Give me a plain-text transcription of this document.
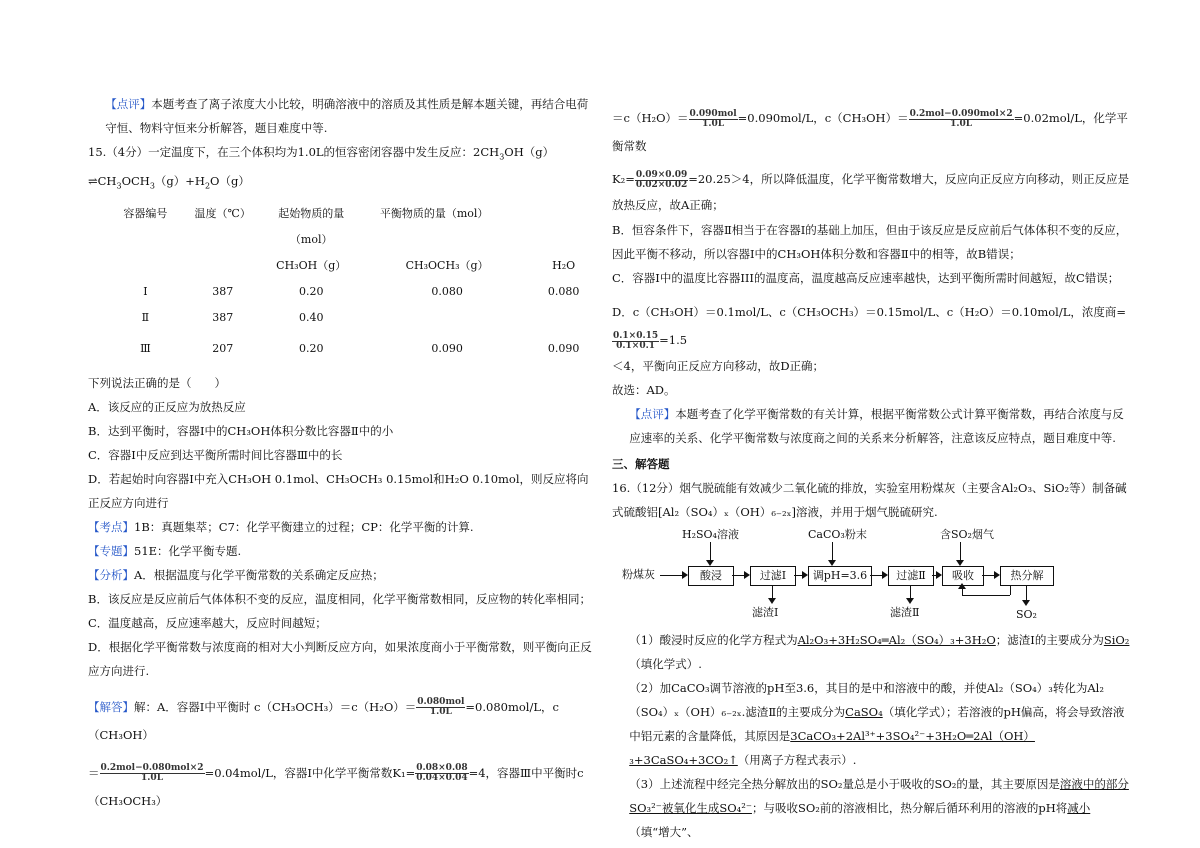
【点评】本题考查了离子浓度大小比较，明确溶液中的溶质及其性质是解本题关键，再结合电荷守恒、物料守恒来分析解答，题目难度中等.

15.（4分）一定温度下，在三个体积均为1.0L的恒容密闭容器中发生反应：$2CH_3OH(g)\rightleftharpoons CH_3OCH_3(g)+H_2O(g)$

容器编号	温度（℃）	起始物质的量	平衡物质的量（mol）	
		（mol）		
		CH₃OH（g）	CH₃OCH₃（g）	H₂O
Ⅰ	387	0.20	0.080	0.080
Ⅱ	387	0.40		
Ⅲ	207	0.20	0.090	0.090

下列说法正确的是（　　）

A．该反应的正反应为放热反应

B．达到平衡时，容器Ⅰ中的CH₃OH体积分数比容器Ⅱ中的小

C．容器Ⅰ中反应到达平衡所需时间比容器Ⅲ中的长

D．若起始时向容器Ⅰ中充入CH₃OH 0.1mol、CH₃OCH₃ 0.15mol和H₂O 0.10mol，则反应将向正反应方向进行

【考点】1B：真题集萃；C7：化学平衡建立的过程；CP：化学平衡的计算.

【专题】51E：化学平衡专题.

【分析】A．根据温度与化学平衡常数的关系确定反应热；

B．该反应是反应前后气体体积不变的反应，温度相同，化学平衡常数相同，反应物的转化率相同；

C．温度越高，反应速率越大，反应时间越短；

D．根据化学平衡常数与浓度商的相对大小判断反应方向，如果浓度商小于平衡常数，则平衡向正反应方向进行.

【解答】解：A．容器Ⅰ中平衡时 $c(CH_3OCH_3)=c(H_2O)= \frac{\text{0.080mol}}{1.0L} =0.080mol/L$，c（CH₃OH）

＝ $\frac{\text{0.2mol−0.080mol×2}}{1.0L} =0.04mol/L$，容器Ⅰ中化学平衡常数$K_1= \frac{0.08\times 0.08}{0.04\times 0.04} =4$，容器Ⅲ中平衡时c（CH₃OCH₃）

$=c(H_2O)= \frac{\text{0.090mol}}{1.0L} =0.090mol/L$，$c(CH_3OH)= \frac{\text{0.2mol−0.090mol×2}}{1.0L} =0.02mol/L$，化学平衡常数

$K_2= \frac{0.09\times 0.09}{0.02\times 0.02} =20.25>4$，所以降低温度，化学平衡常数增大，反应向正反应方向移动，则正反应是放热反应，故A正确；

B．恒容条件下，容器Ⅱ相当于在容器Ⅰ的基础上加压，但由于该反应是反应前后气体体积不变的反应，因此平衡不移动，所以容器Ⅰ中的CH₃OH体积分数和容器Ⅱ中的相等，故B错误；

C．容器Ⅰ中的温度比容器III的温度高，温度越高反应速率越快，达到平衡所需时间越短，故C错误；

D．c（CH₃OH）＝0.1mol/L、c（CH₃OCH₃）＝0.15mol/L、c（H₂O）＝0.10mol/L，浓度商=
$\frac{0.1\times 0.15}{0.1\times 0.1} =1.5$

＜4，平衡向正反应方向移动，故D正确；

故选：AD。

【点评】本题考查了化学平衡常数的有关计算，根据平衡常数公式计算平衡常数，再结合浓度与反应速率的关系、化学平衡常数与浓度商之间的关系来分析解答，注意该反应特点，题目难度中等.

三、解答题

16.（12分）烟气脱硫能有效减少二氧化硫的排放，实验室用粉煤灰（主要含Al₂O₃、SiO₂等）制备碱式硫酸铝[Al₂（SO₄）ₓ（OH）₆₋₂ₓ]溶液，并用于烟气脱硫研究.

H₂SO₄溶液	CaCO₃粉末	含SO₂烟气
粉煤灰	酸浸	过滤Ⅰ	调pH=3.6	过滤Ⅱ	吸收	热分解
滤渣Ⅰ	滤渣Ⅱ	SO₂

（1）酸浸时反应的化学方程式为Al₂O₃+3H₂SO₄═Al₂（SO₄）₃+3H₂O；滤渣Ⅰ的主要成分为SiO₂（填化学式）.

（2）加CaCO₃调节溶液的pH至3.6，其目的是中和溶液中的酸，并使Al₂（SO₄）₃转化为Al₂（SO₄）ₓ（OH）₆₋₂ₓ.滤渣Ⅱ的主要成分为CaSO₄（填化学式）；若溶液的pH偏高，将会导致溶液中铝元素的含量降低，其原因是3CaCO₃+2Al³⁺+3SO₄²⁻+3H₂O═2Al（OH）₃+3CaSO₄+3CO₂↑（用离子方程式表示）.

（3）上述流程中经完全热分解放出的SO₂量总是小于吸收的SO₂的量，其主要原因是溶液中的部分SO₃²⁻被氧化生成SO₄²⁻；与吸收SO₂前的溶液相比，热分解后循环利用的溶液的pH将减小（填“增大”、
